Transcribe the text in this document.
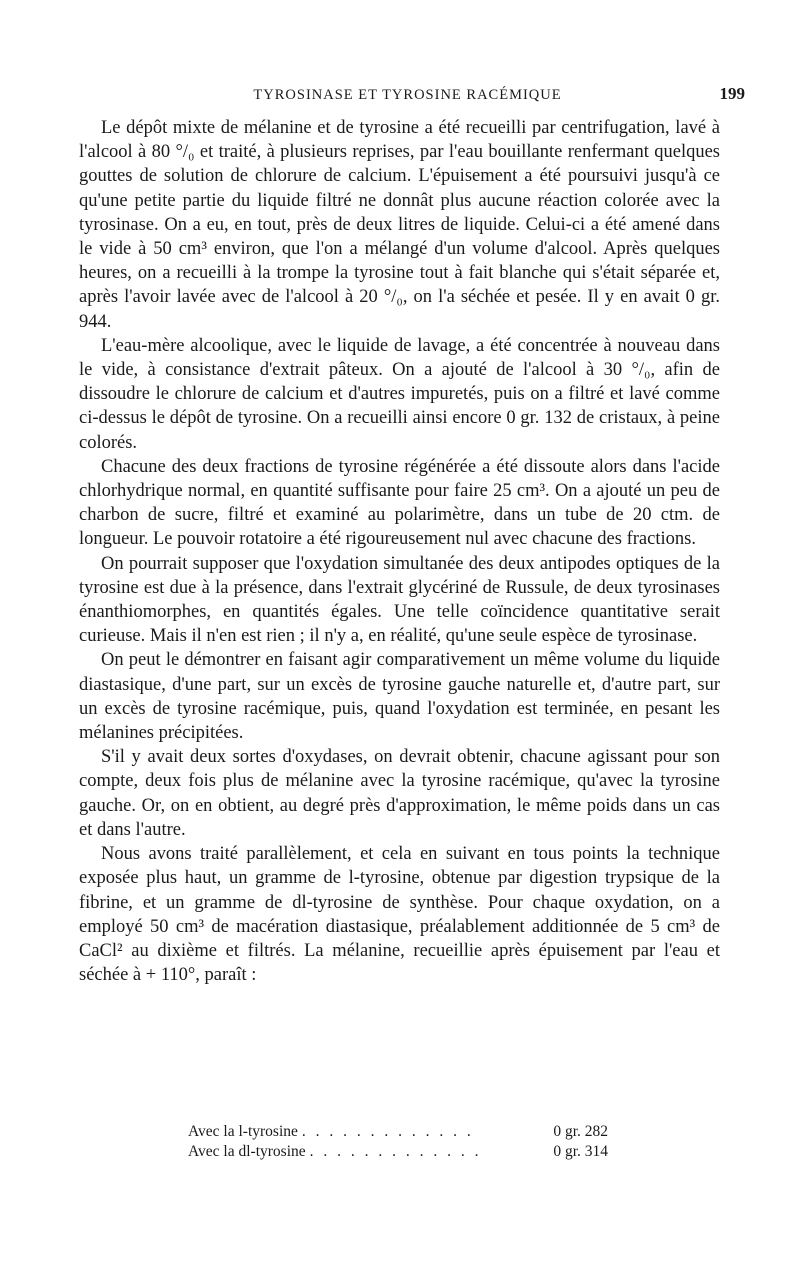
TYROSINASE ET TYROSINE RACÉMIQUE	199

Le dépôt mixte de mélanine et de tyrosine a été recueilli par centrifugation, lavé à l'alcool à 80 °/₀ et traité, à plusieurs reprises, par l'eau bouillante renfermant quelques gouttes de solution de chlorure de calcium. L'épuisement a été poursuivi jusqu'à ce qu'une petite partie du liquide filtré ne donnât plus aucune réaction colorée avec la tyrosinase. On a eu, en tout, près de deux litres de liquide. Celui-ci a été amené dans le vide à 50 cm³ environ, que l'on a mélangé d'un volume d'alcool. Après quelques heures, on a recueilli à la trompe la tyrosine tout à fait blanche qui s'était séparée et, après l'avoir lavée avec de l'alcool à 20 °/₀, on l'a séchée et pesée. Il y en avait 0 gr. 944.

L'eau-mère alcoolique, avec le liquide de lavage, a été concentrée à nouveau dans le vide, à consistance d'extrait pâteux. On a ajouté de l'alcool à 30 °/₀, afin de dissoudre le chlorure de calcium et d'autres impuretés, puis on a filtré et lavé comme ci-dessus le dépôt de tyrosine. On a recueilli ainsi encore 0 gr. 132 de cristaux, à peine colorés.

Chacune des deux fractions de tyrosine régénérée a été dissoute alors dans l'acide chlorhydrique normal, en quantité suffisante pour faire 25 cm³. On a ajouté un peu de charbon de sucre, filtré et examiné au polarimètre, dans un tube de 20 ctm. de longueur. Le pouvoir rotatoire a été rigoureusement nul avec chacune des fractions.

On pourrait supposer que l'oxydation simultanée des deux antipodes optiques de la tyrosine est due à la présence, dans l'extrait glycériné de Russule, de deux tyrosinases énanthiomorphes, en quantités égales. Une telle coïncidence quantitative serait curieuse. Mais il n'en est rien ; il n'y a, en réalité, qu'une seule espèce de tyrosinase.

On peut le démontrer en faisant agir comparativement un même volume du liquide diastasique, d'une part, sur un excès de tyrosine gauche naturelle et, d'autre part, sur un excès de tyrosine racémique, puis, quand l'oxydation est terminée, en pesant les mélanines précipitées.

S'il y avait deux sortes d'oxydases, on devrait obtenir, chacune agissant pour son compte, deux fois plus de mélanine avec la tyrosine racémique, qu'avec la tyrosine gauche. Or, on en obtient, au degré près d'approximation, le même poids dans un cas et dans l'autre.

Nous avons traité parallèlement, et cela en suivant en tous points la technique exposée plus haut, un gramme de l-tyrosine, obtenue par digestion trypsique de la fibrine, et un gramme de dl-tyrosine de synthèse. Pour chaque oxydation, on a employé 50 cm³ de macération diastasique, préalablement additionnée de 5 cm³ de CaCl² au dixième et filtrés. La mélanine, recueillie après épuisement par l'eau et séchée à + 110°, paraît :

Avec la l-tyrosine . . . . . . . . . . . . .	0 gr. 282
Avec la dl-tyrosine . . . . . . . . . . . . .	0 gr. 314
